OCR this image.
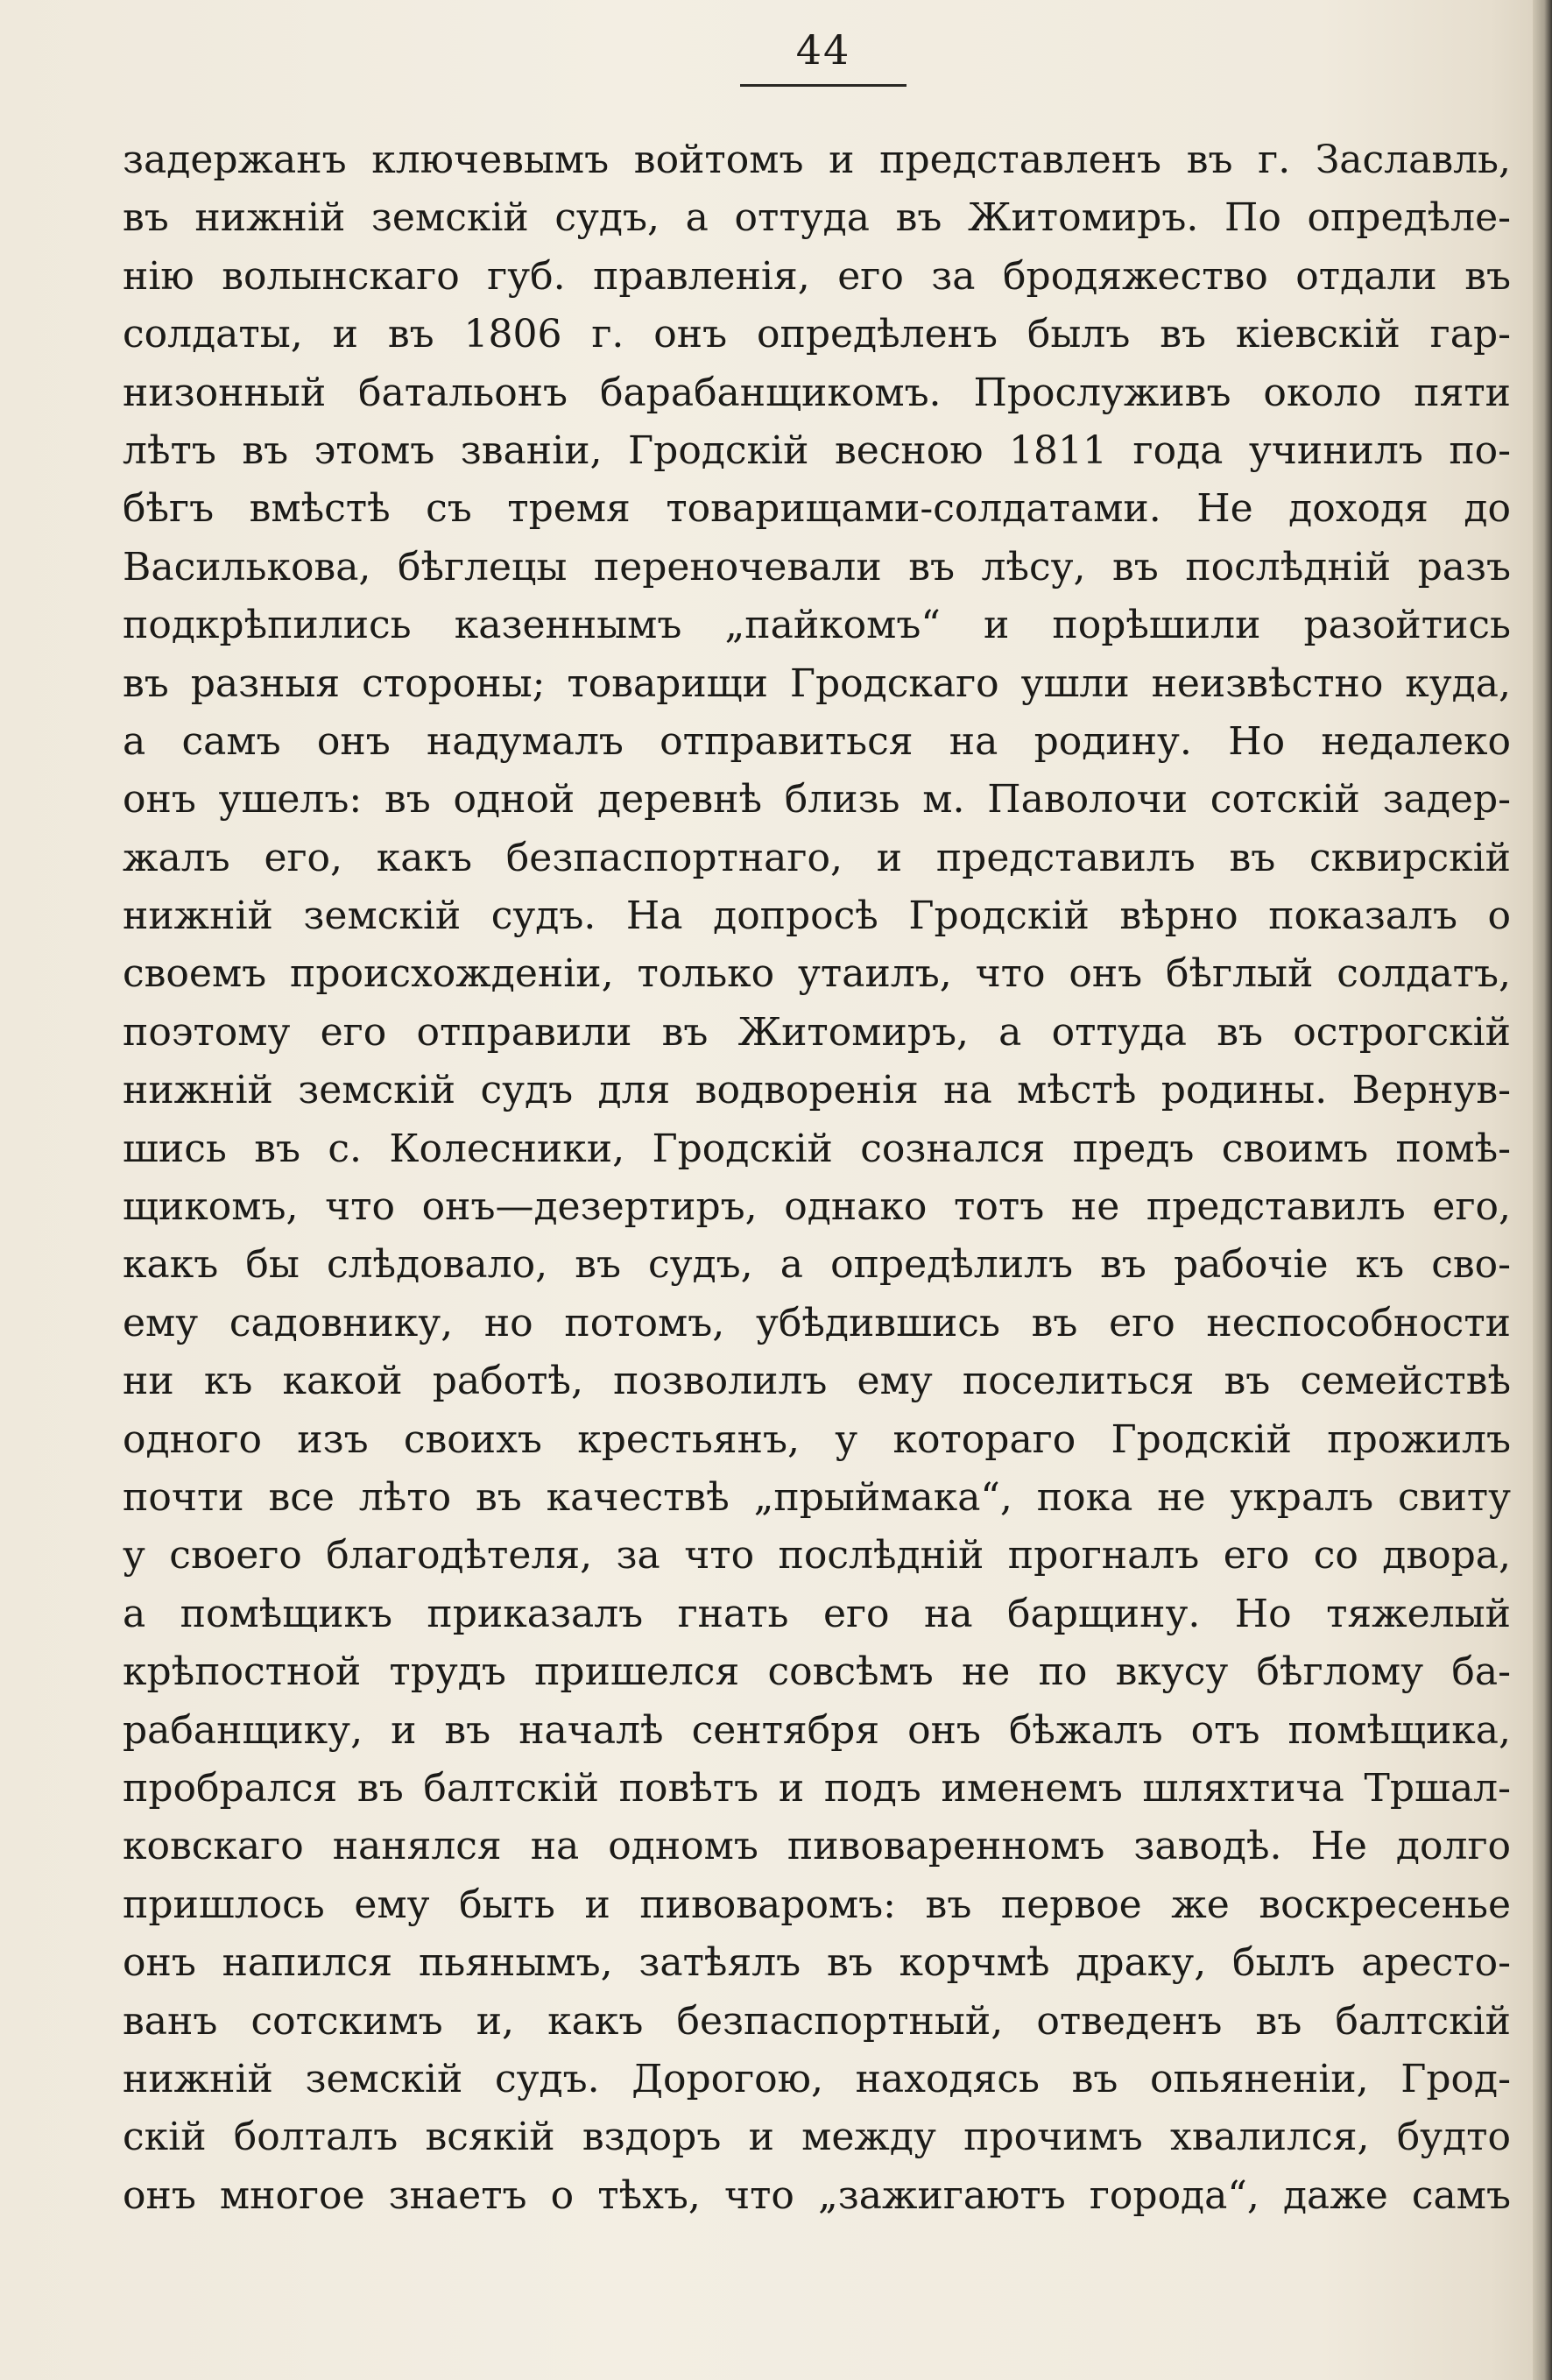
44
задержанъ ключевымъ войтомъ и представленъ въ г. Заславль,
въ нижній земскій судъ, а оттуда въ Житомиръ. По опредѣле-
нію волынскаго губ. правленія, его за бродяжество отдали въ
солдаты, и въ 1806 г. онъ опредѣленъ былъ въ кіевскій гар-
низонный батальонъ барабанщикомъ. Прослуживъ около пяти
лѣтъ въ этомъ званіи, Гродскій весною 1811 года учинилъ по-
бѣгъ вмѣстѣ съ тремя товарищами-солдатами. Не доходя до
Василькова, бѣглецы переночевали въ лѣсу, въ послѣдній разъ
подкрѣпились казеннымъ „пайкомъ“ и порѣшили разойтись
въ разныя стороны; товарищи Гродскаго ушли неизвѣстно куда,
а самъ онъ надумалъ отправиться на родину. Но недалеко
онъ ушелъ: въ одной деревнѣ близь м. Паволочи сотскій задер-
жалъ его, какъ безпаспортнаго, и представилъ въ сквирскій
нижній земскій судъ. На допросѣ Гродскій вѣрно показалъ о
своемъ происхожденіи, только утаилъ, что онъ бѣглый солдатъ,
поэтому его отправили въ Житомиръ, а оттуда въ острогскій
нижній земскій судъ для водворенія на мѣстѣ родины. Вернув-
шись въ с. Колесники, Гродскій сознался предъ своимъ помѣ-
щикомъ, что онъ—дезертиръ, однако тотъ не представилъ его,
какъ бы слѣдовало, въ судъ, а опредѣлилъ въ рабочіе къ сво-
ему садовнику, но потомъ, убѣдившись въ его неспособности
ни къ какой работѣ, позволилъ ему поселиться въ семействѣ
одного изъ своихъ крестьянъ, у котораго Гродскій прожилъ
почти все лѣто въ качествѣ „прыймака“, пока не укралъ свиту
у своего благодѣтеля, за что послѣдній прогналъ его со двора,
а помѣщикъ приказалъ гнать его на барщину. Но тяжелый
крѣпостной трудъ пришелся совсѣмъ не по вкусу бѣглому ба-
рабанщику, и въ началѣ сентября онъ бѣжалъ отъ помѣщика,
пробрался въ балтскій повѣтъ и подъ именемъ шляхтича Тршал-
ковскаго нанялся на одномъ пивоваренномъ заводѣ. Не долго
пришлось ему быть и пивоваромъ: въ первое же воскресенье
онъ напился пьянымъ, затѣялъ въ корчмѣ драку, былъ аресто-
ванъ сотскимъ и, какъ безпаспортный, отведенъ въ балтскій
нижній земскій судъ. Дорогою, находясь въ опьяненіи, Грод-
скій болталъ всякій вздоръ и между прочимъ хвалился, будто
онъ многое знаетъ о тѣхъ, что „зажигаютъ города“, даже самъ
